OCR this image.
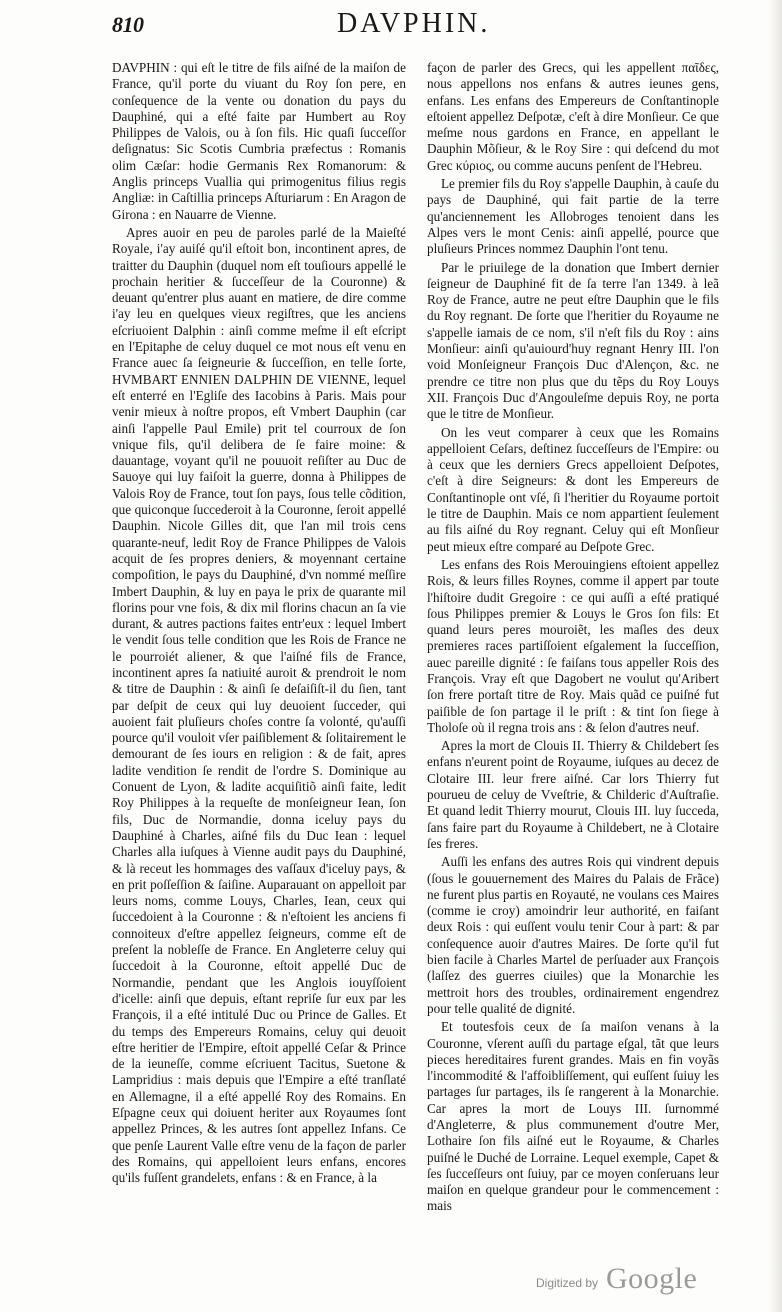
810	DAVPHIN.

DAVPHIN : qui eſt le titre de fils aiſné de la maiſon de France, qu'il porte du viuant du Roy ſon pere, en conſequence de la vente ou donation du pays du Dauphiné, qui a eſté faite par Humbert au Roy Philippes de Valois, ou à ſon fils. Hic quaſi ſucceſſor deſignatus: Sic Scotis Cumbria præfectus : Romanis olim Cæſar: hodie Germanis Rex Romanorum: & Anglis princeps Vuallia qui primogenitus filius regis Angliæ: in Caſtillia princeps Aſturiarum : En Aragon de Girona : en Nauarre de Vienne.

Apres auoir en peu de paroles parlé de la Maieſté Royale, i'ay auiſé qu'il eſtoit bon, incontinent apres, de traitter du Dauphin (duquel nom eſt touſiours appellé le prochain heritier & ſucceſſeur de la Couronne) & deuant qu'entrer plus auant en matiere, de dire comme i'ay leu en quelques vieux regiſtres, que les anciens eſcriuoient Dalphin : ainſi comme meſme il eſt eſcript en l'Epitaphe de celuy duquel ce mot nous eſt venu en France auec ſa ſeigneurie & ſucceſſion, en telle ſorte, HVMBART ENNIEN DALPHIN DE VIENNE, lequel eſt enterré en l'Egliſe des Iacobins à Paris. Mais pour venir mieux à noſtre propos, eſt Vmbert Dauphin (car ainſi l'appelle Paul Emile) prit tel courroux de ſon vnique fils, qu'il delibera de ſe faire moine: & dauantage, voyant qu'il ne pouuoit reſiſter au Duc de Sauoye qui luy faiſoit la guerre, donna à Philippes de Valois Roy de France, tout ſon pays, ſous telle cõdition, que quiconque ſuccederoit à la Couronne, ſeroit appellé Dauphin. Nicole Gilles dit, que l'an mil trois cens quarante-neuf, ledit Roy de France Philippes de Valois acquit de ſes propres deniers, & moyennant certaine compoſition, le pays du Dauphiné, d'vn nommé meſſire Imbert Dauphin, & luy en paya le prix de quarante mil florins pour vne fois, & dix mil florins chacun an ſa vie durant, & autres pactions faites entr'eux : lequel Imbert le vendit ſous telle condition que les Rois de France ne le pourroiét aliener, & que l'aiſné fils de France, incontinent apres ſa natiuité auroit & prendroit le nom & titre de Dauphin : & ainſi ſe deſaiſiſt-il du ſien, tant par deſpit de ceux qui luy deuoient ſucceder, qui auoient fait pluſieurs choſes contre ſa volonté, qu'auſſi pource qu'il vouloit vſer paiſiblement & ſolitairement le demourant de ſes iours en religion : & de fait, apres ladite vendition ſe rendit de l'ordre S. Dominique au Conuent de Lyon, & ladite acquiſitiõ ainſi faite, ledit Roy Philippes à la requeſte de monſeigneur Iean, ſon fils, Duc de Normandie, donna iceluy pays du Dauphiné à Charles, aiſné fils du Duc Iean : lequel Charles alla iuſques à Vienne audit pays du Dauphiné, & là receut les hommages des vaſſaux d'iceluy pays, & en prit poſſeſſion & ſaiſine. Auparauant on appelloit par leurs noms, comme Louys, Charles, Iean, ceux qui ſuccedoient à la Couronne : & n'eſtoient les anciens fi connoiteux d'eſtre appellez ſeigneurs, comme eſt de preſent la nobleſſe de France. En Angleterre celuy qui ſuccedoit à la Couronne, eſtoit appellé Duc de Normandie, pendant que les Anglois iouyſſoient d'icelle: ainſi que depuis, eſtant repriſe ſur eux par les François, il a eſté intitulé Duc ou Prince de Galles. Et du temps des Empereurs Romains, celuy qui deuoit eſtre heritier de l'Empire, eſtoit appellé Ceſar & Prince de la ieuneſſe, comme eſcriuent Tacitus, Suetone & Lampridius : mais depuis que l'Empire a eſté tranſlaté en Allemagne, il a eſté appellé Roy des Romains. En Eſpagne ceux qui doiuent heriter aux Royaumes ſont appellez Princes, & les autres ſont appellez Infans. Ce que penſe Laurent Valle eſtre venu de la façon de parler des Romains, qui appelloient leurs enfans, encores qu'ils fuſſent grandelets, enfans : & en France, à la

façon de parler des Grecs, qui les appellent παῖδες, nous appellons nos enfans & autres ieunes gens, enfans. Les enfans des Empereurs de Conſtantinople eſtoient appellez Deſpotæ, c'eſt à dire Monſieur. Ce que meſme nous gardons en France, en appellant le Dauphin Mõſieur, & le Roy Sire : qui deſcend du mot Grec κύριος, ou comme aucuns penſent de l'Hebreu.

Le premier fils du Roy s'appelle Dauphin, à cauſe du pays de Dauphiné, qui fait partie de la terre qu'anciennement les Allobroges tenoient dans les Alpes vers le mont Cenis: ainſi appellé, pource que pluſieurs Princes nommez Dauphin l'ont tenu.

Par le priuilege de la donation que Imbert dernier ſeigneur de Dauphiné fit de ſa terre l'an 1349. à leã Roy de France, autre ne peut eſtre Dauphin que le fils du Roy regnant. De ſorte que l'heritier du Royaume ne s'appelle iamais de ce nom, s'il n'eſt fils du Roy : ains Monſieur: ainſi qu'auiourd'huy regnant Henry III. l'on void Monſeigneur François Duc d'Alençon, &c. ne prendre ce titre non plus que du tẽps du Roy Louys XII. François Duc d'Angouleſme depuis Roy, ne porta que le titre de Monſieur.

On les veut comparer à ceux que les Romains appelloient Ceſars, deſtinez ſucceſſeurs de l'Empire: ou à ceux que les derniers Grecs appelloient Deſpotes, c'eſt à dire Seigneurs: & dont les Empereurs de Conſtantinople ont vſé, ſi l'heritier du Royaume portoit le titre de Dauphin. Mais ce nom appartient ſeulement au fils aiſné du Roy regnant. Celuy qui eſt Monſieur peut mieux eſtre comparé au Deſpote Grec.

Les enfans des Rois Merouingiens eſtoient appellez Rois, & leurs filles Roynes, comme il appert par toute l'hiſtoire dudit Gregoire : ce qui auſſi a eſté pratiqué ſous Philippes premier & Louys le Gros ſon fils: Et quand leurs peres mouroiẽt, les maſles des deux premieres races partiſſoient eſgalement la ſucceſſion, auec pareille dignité : ſe faiſans tous appeller Rois des François. Vray eſt que Dagobert ne voulut qu'Aribert ſon frere portaſt titre de Roy. Mais quãd ce puiſné fut paiſible de ſon partage il le priſt : & tint ſon ſiege à Tholoſe où il regna trois ans : & ſelon d'autres neuf.

Apres la mort de Clouis II. Thierry & Childebert ſes enfans n'eurent point de Royaume, iuſques au decez de Clotaire III. leur frere aiſné. Car lors Thierry fut pourueu de celuy de Vveſtrie, & Childeric d'Auſtraſie. Et quand ledit Thierry mourut, Clouis III. luy ſucceda, ſans faire part du Royaume à Childebert, ne à Clotaire ſes freres.

Auſſi les enfans des autres Rois qui vindrent depuis (ſous le gouuernement des Maires du Palais de Frãce) ne furent plus partis en Royauté, ne voulans ces Maires (comme ie croy) amoindrir leur authorité, en faiſant deux Rois : qui euſſent voulu tenir Cour à part: & par conſequence auoir d'autres Maires. De ſorte qu'il fut bien facile à Charles Martel de perſuader aux François (laſſez des guerres ciuiles) que la Monarchie les mettroit hors des troubles, ordinairement engendrez pour telle qualité de dignité.

Et toutesfois ceux de ſa maiſon venans à la Couronne, vſerent auſſi du partage eſgal, tãt que leurs pieces hereditaires furent grandes. Mais en fin voyãs l'incommodité & l'affoibliſſement, qui euſſent ſuiuy les partages ſur partages, ils ſe rangerent à la Monarchie. Car apres la mort de Louys III. ſurnommé d'Angleterre, & plus communement d'outre Mer, Lothaire ſon fils aiſné eut le Royaume, & Charles puiſné le Duché de Lorraine. Lequel exemple, Capet & ſes ſucceſſeurs ont ſuiuy, par ce moyen conſeruans leur maiſon en quelque grandeur pour le commencement : mais

Digitized by Google
